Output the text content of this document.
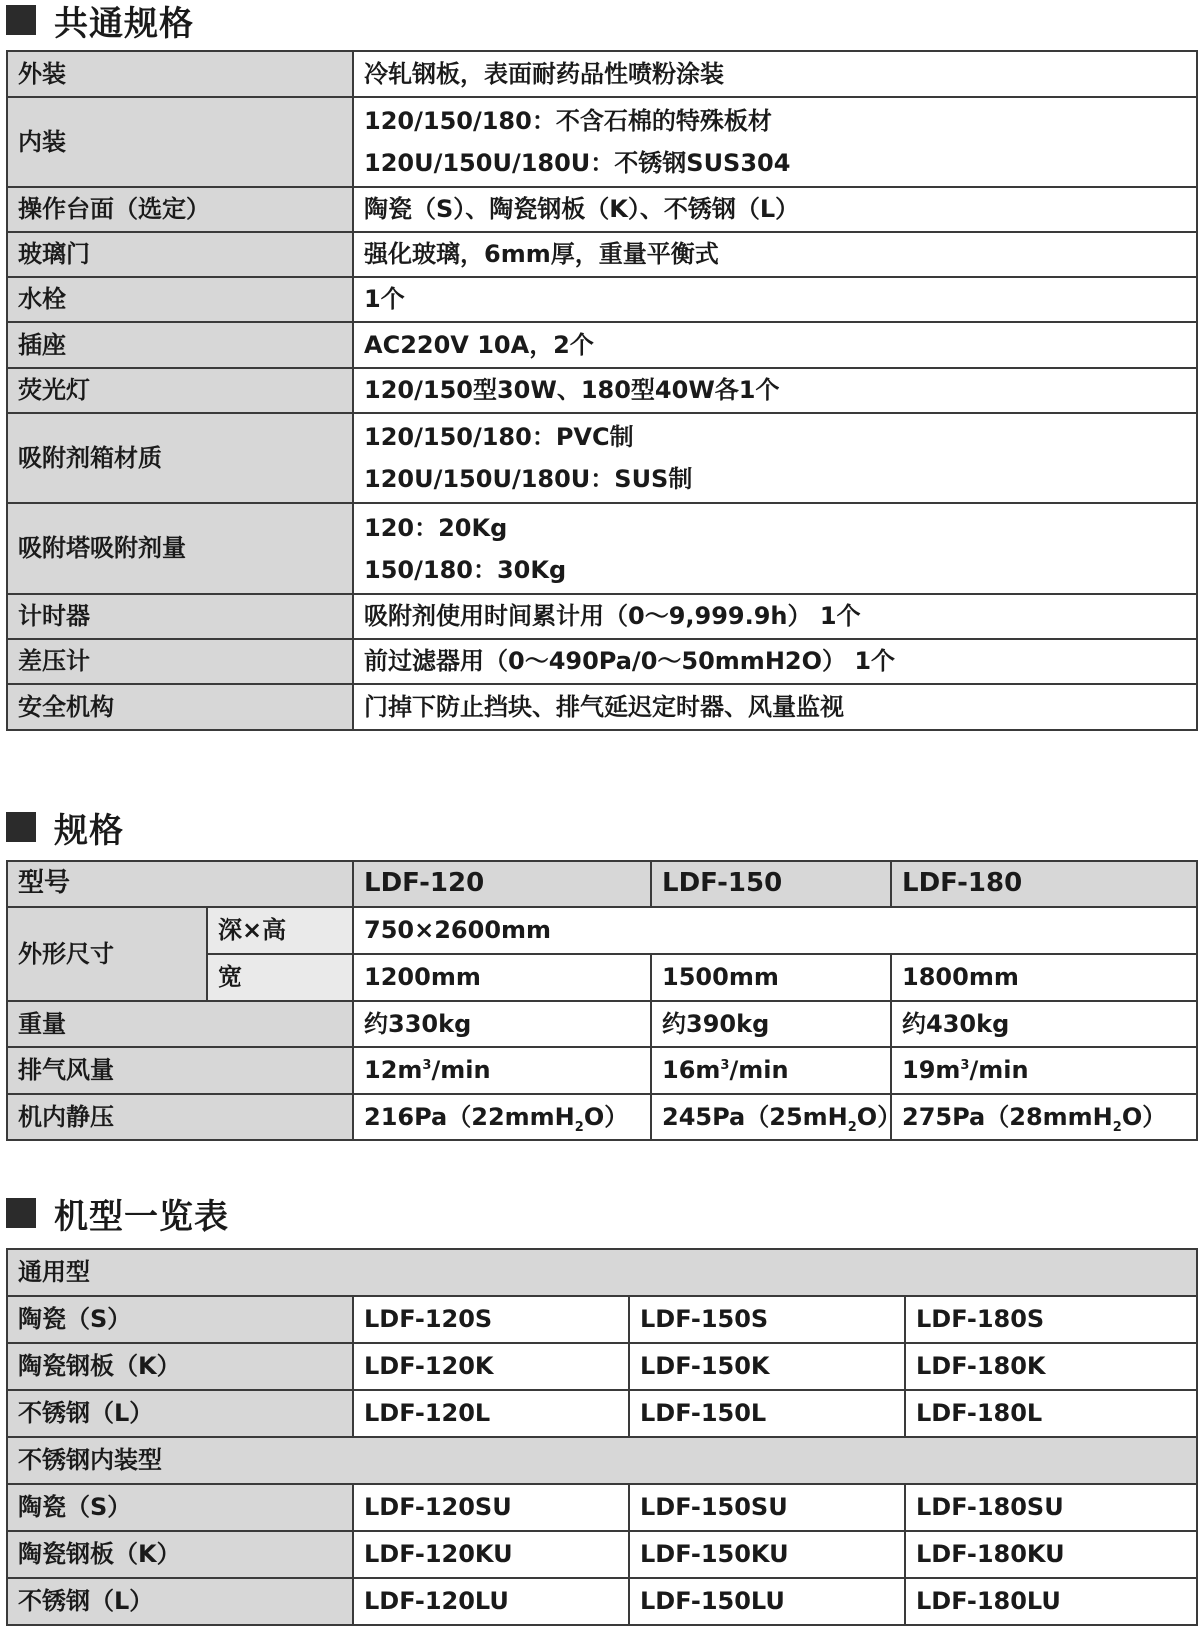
共通规格
外装	冷轧钢板，表面耐药品性喷粉涂装
内装	120/150/180：不含石棉的特殊板材
120U/150U/180U：不锈钢SUS304

操作台面（选定）	陶瓷（S）、陶瓷钢板（K）、不锈钢（L）
玻璃门	强化玻璃，6mm厚，重量平衡式
水栓	1个
插座	AC220V 10A，2个
荧光灯	120/150型30W、180型40W各1个
吸附剂箱材质	120/150/180：PVC制
120U/150U/180U：SUS制

吸附塔吸附剂量	120：20Kg
150/180：30Kg

计时器	吸附剂使用时间累计用（0～9,999.9h） 1个
差压计	前过滤器用（0～490Pa/0～50mmH2O） 1个
安全机构	门掉下防止挡块、排气延迟定时器、风量监视
规格
型号		LDF-120	LDF-150	LDF-180
外形尺寸	深×高	750×2600mm		
	宽	1200mm	1500mm	1800mm
重量		约330kg	约390kg	约430kg
排气风量		$12m^3/\min$	$16m^3/\min$	$19m^3/\min$
机内静压		216Pa（22mmH$_2$O）	$245Pa(25mH_2O)$	275Pa（28mmH$_2$O）
机型一览表
通用型			
陶瓷（S）	LDF-120S	LDF-150S	LDF-180S
陶瓷钢板（K）	LDF-120K	LDF-150K	LDF-180K
不锈钢（L）	LDF-120L	LDF-150L	LDF-180L
不锈钢内装型			
陶瓷（S）	LDF-120SU	LDF-150SU	LDF-180SU
陶瓷钢板（K）	LDF-120KU	LDF-150KU	LDF-180KU
不锈钢（L）	LDF-120LU	LDF-150LU	LDF-180LU
